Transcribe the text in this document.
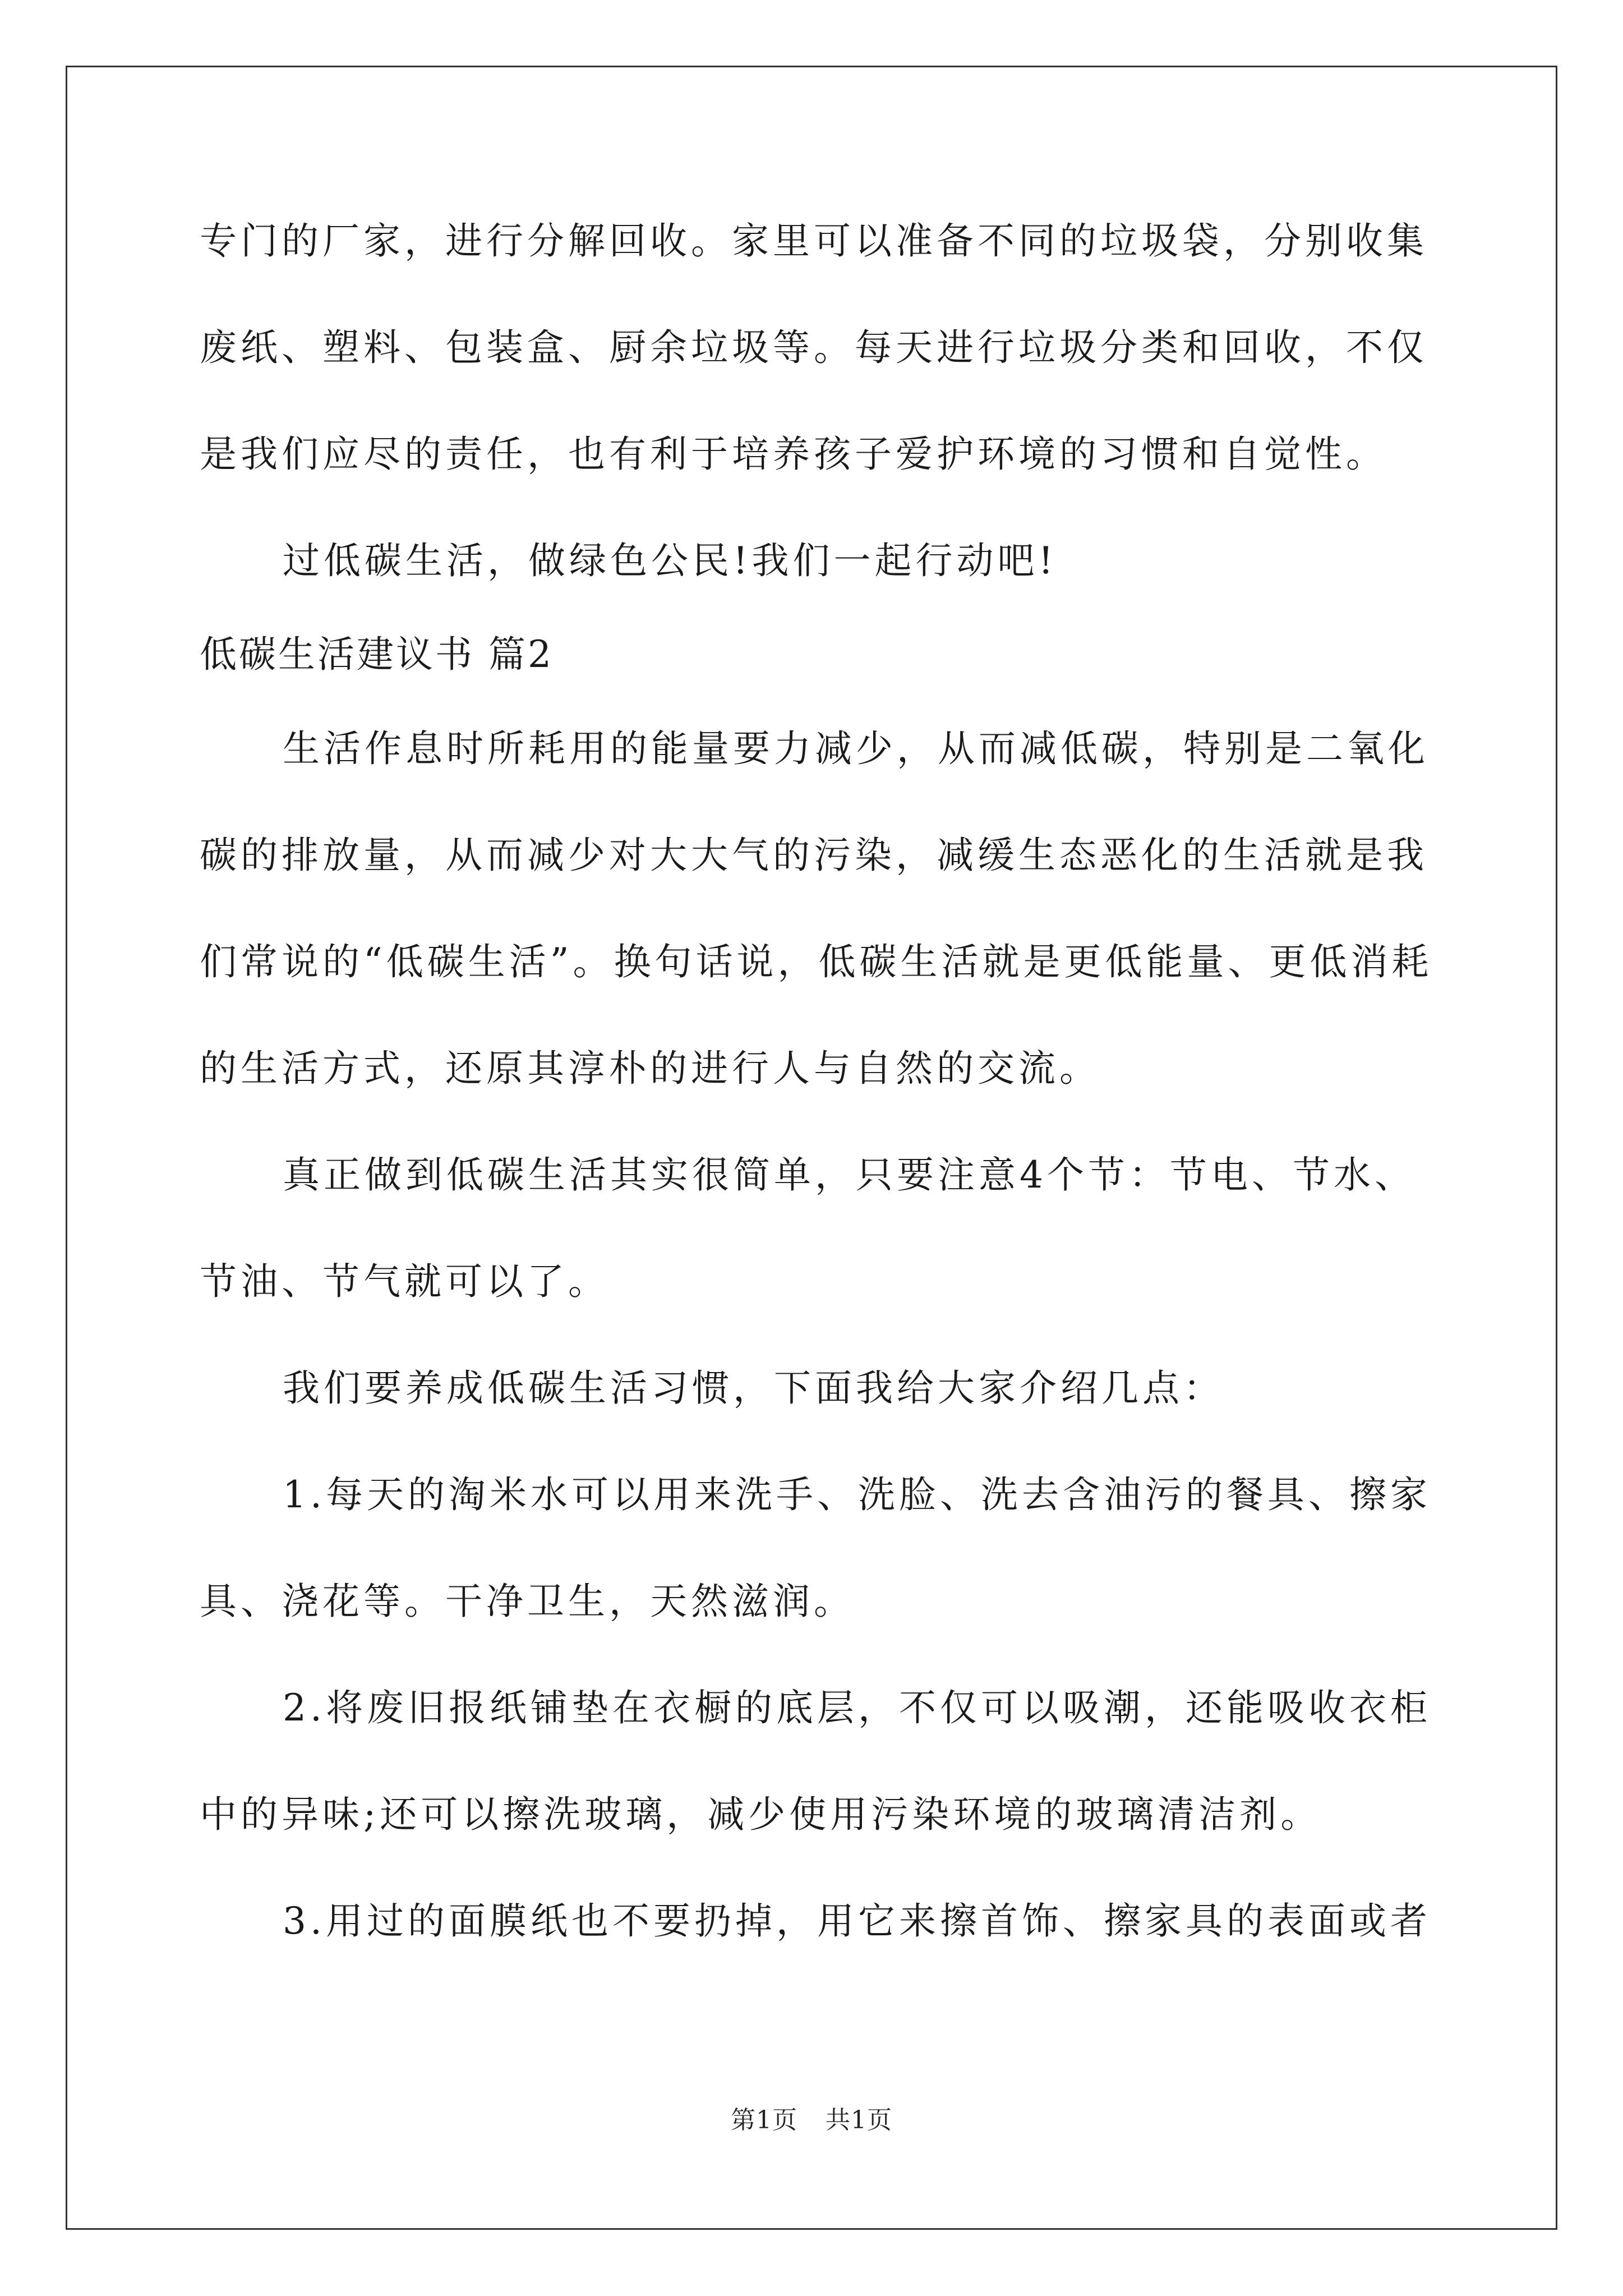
专门的厂家，进行分解回收。家里可以准备不同的垃圾袋，分别收集
废纸、塑料、包装盒、厨余垃圾等。每天进行垃圾分类和回收，不仅
是我们应尽的责任，也有利于培养孩子爱护环境的习惯和自觉性。
过低碳生活，做绿色公民!我们一起行动吧!
低碳生活建议书 篇2
生活作息时所耗用的能量要力减少，从而减低碳，特别是二氧化
碳的排放量，从而减少对大大气的污染，减缓生态恶化的生活就是我
们常说的“低碳生活”。换句话说，低碳生活就是更低能量、更低消耗
的生活方式，还原其淳朴的进行人与自然的交流。
真正做到低碳生活其实很简单，只要注意4个节：节电、节水、
节油、节气就可以了。
我们要养成低碳生活习惯，下面我给大家介绍几点：
1.每天的淘米水可以用来洗手、洗脸、洗去含油污的餐具、擦家
具、浇花等。干净卫生，天然滋润。
2.将废旧报纸铺垫在衣橱的底层，不仅可以吸潮，还能吸收衣柜
中的异味;还可以擦洗玻璃，减少使用污染环境的玻璃清洁剂。
3.用过的面膜纸也不要扔掉，用它来擦首饰、擦家具的表面或者
第1页 共1页
